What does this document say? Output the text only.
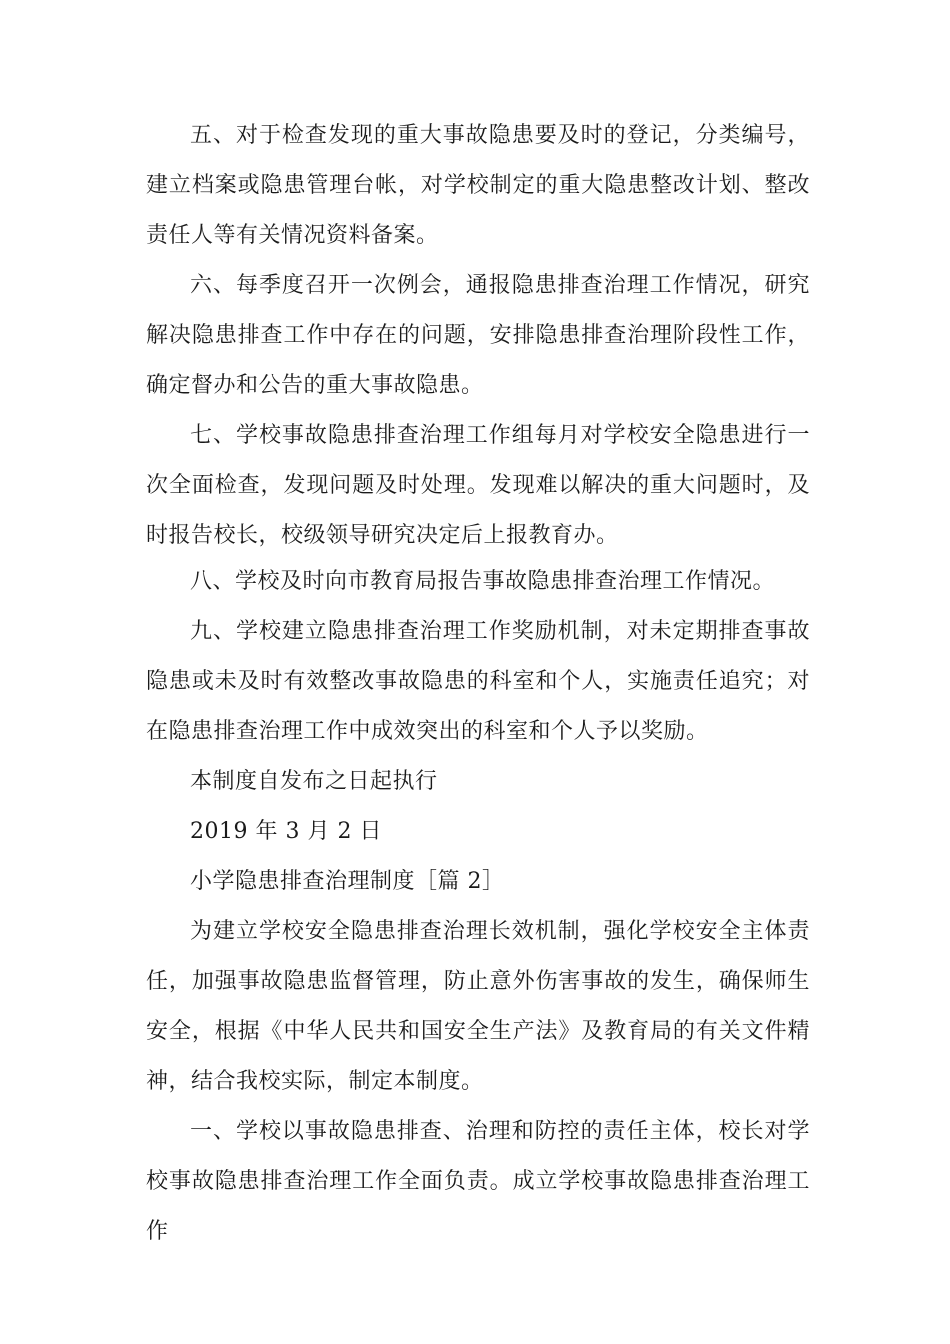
五、对于检查发现的重大事故隐患要及时的登记，分类编号，建立档案或隐患管理台帐，对学校制定的重大隐患整改计划、整改责任人等有关情况资料备案。

六、每季度召开一次例会，通报隐患排查治理工作情况，研究解决隐患排查工作中存在的问题，安排隐患排查治理阶段性工作，确定督办和公告的重大事故隐患。

七、学校事故隐患排查治理工作组每月对学校安全隐患进行一次全面检查，发现问题及时处理。发现难以解决的重大问题时，及时报告校长，校级领导研究决定后上报教育办。

八、学校及时向市教育局报告事故隐患排查治理工作情况。

九、学校建立隐患排查治理工作奖励机制，对未定期排查事故隐患或未及时有效整改事故隐患的科室和个人，实施责任追究；对在隐患排查治理工作中成效突出的科室和个人予以奖励。

本制度自发布之日起执行

2019 年 3 月 2 日

小学隐患排查治理制度［篇 2］

为建立学校安全隐患排查治理长效机制，强化学校安全主体责任，加强事故隐患监督管理，防止意外伤害事故的发生，确保师生安全，根据《中华人民共和国安全生产法》及教育局的有关文件精神，结合我校实际，制定本制度。

一、学校以事故隐患排查、治理和防控的责任主体，校长对学校事故隐患排查治理工作全面负责。成立学校事故隐患排查治理工作
